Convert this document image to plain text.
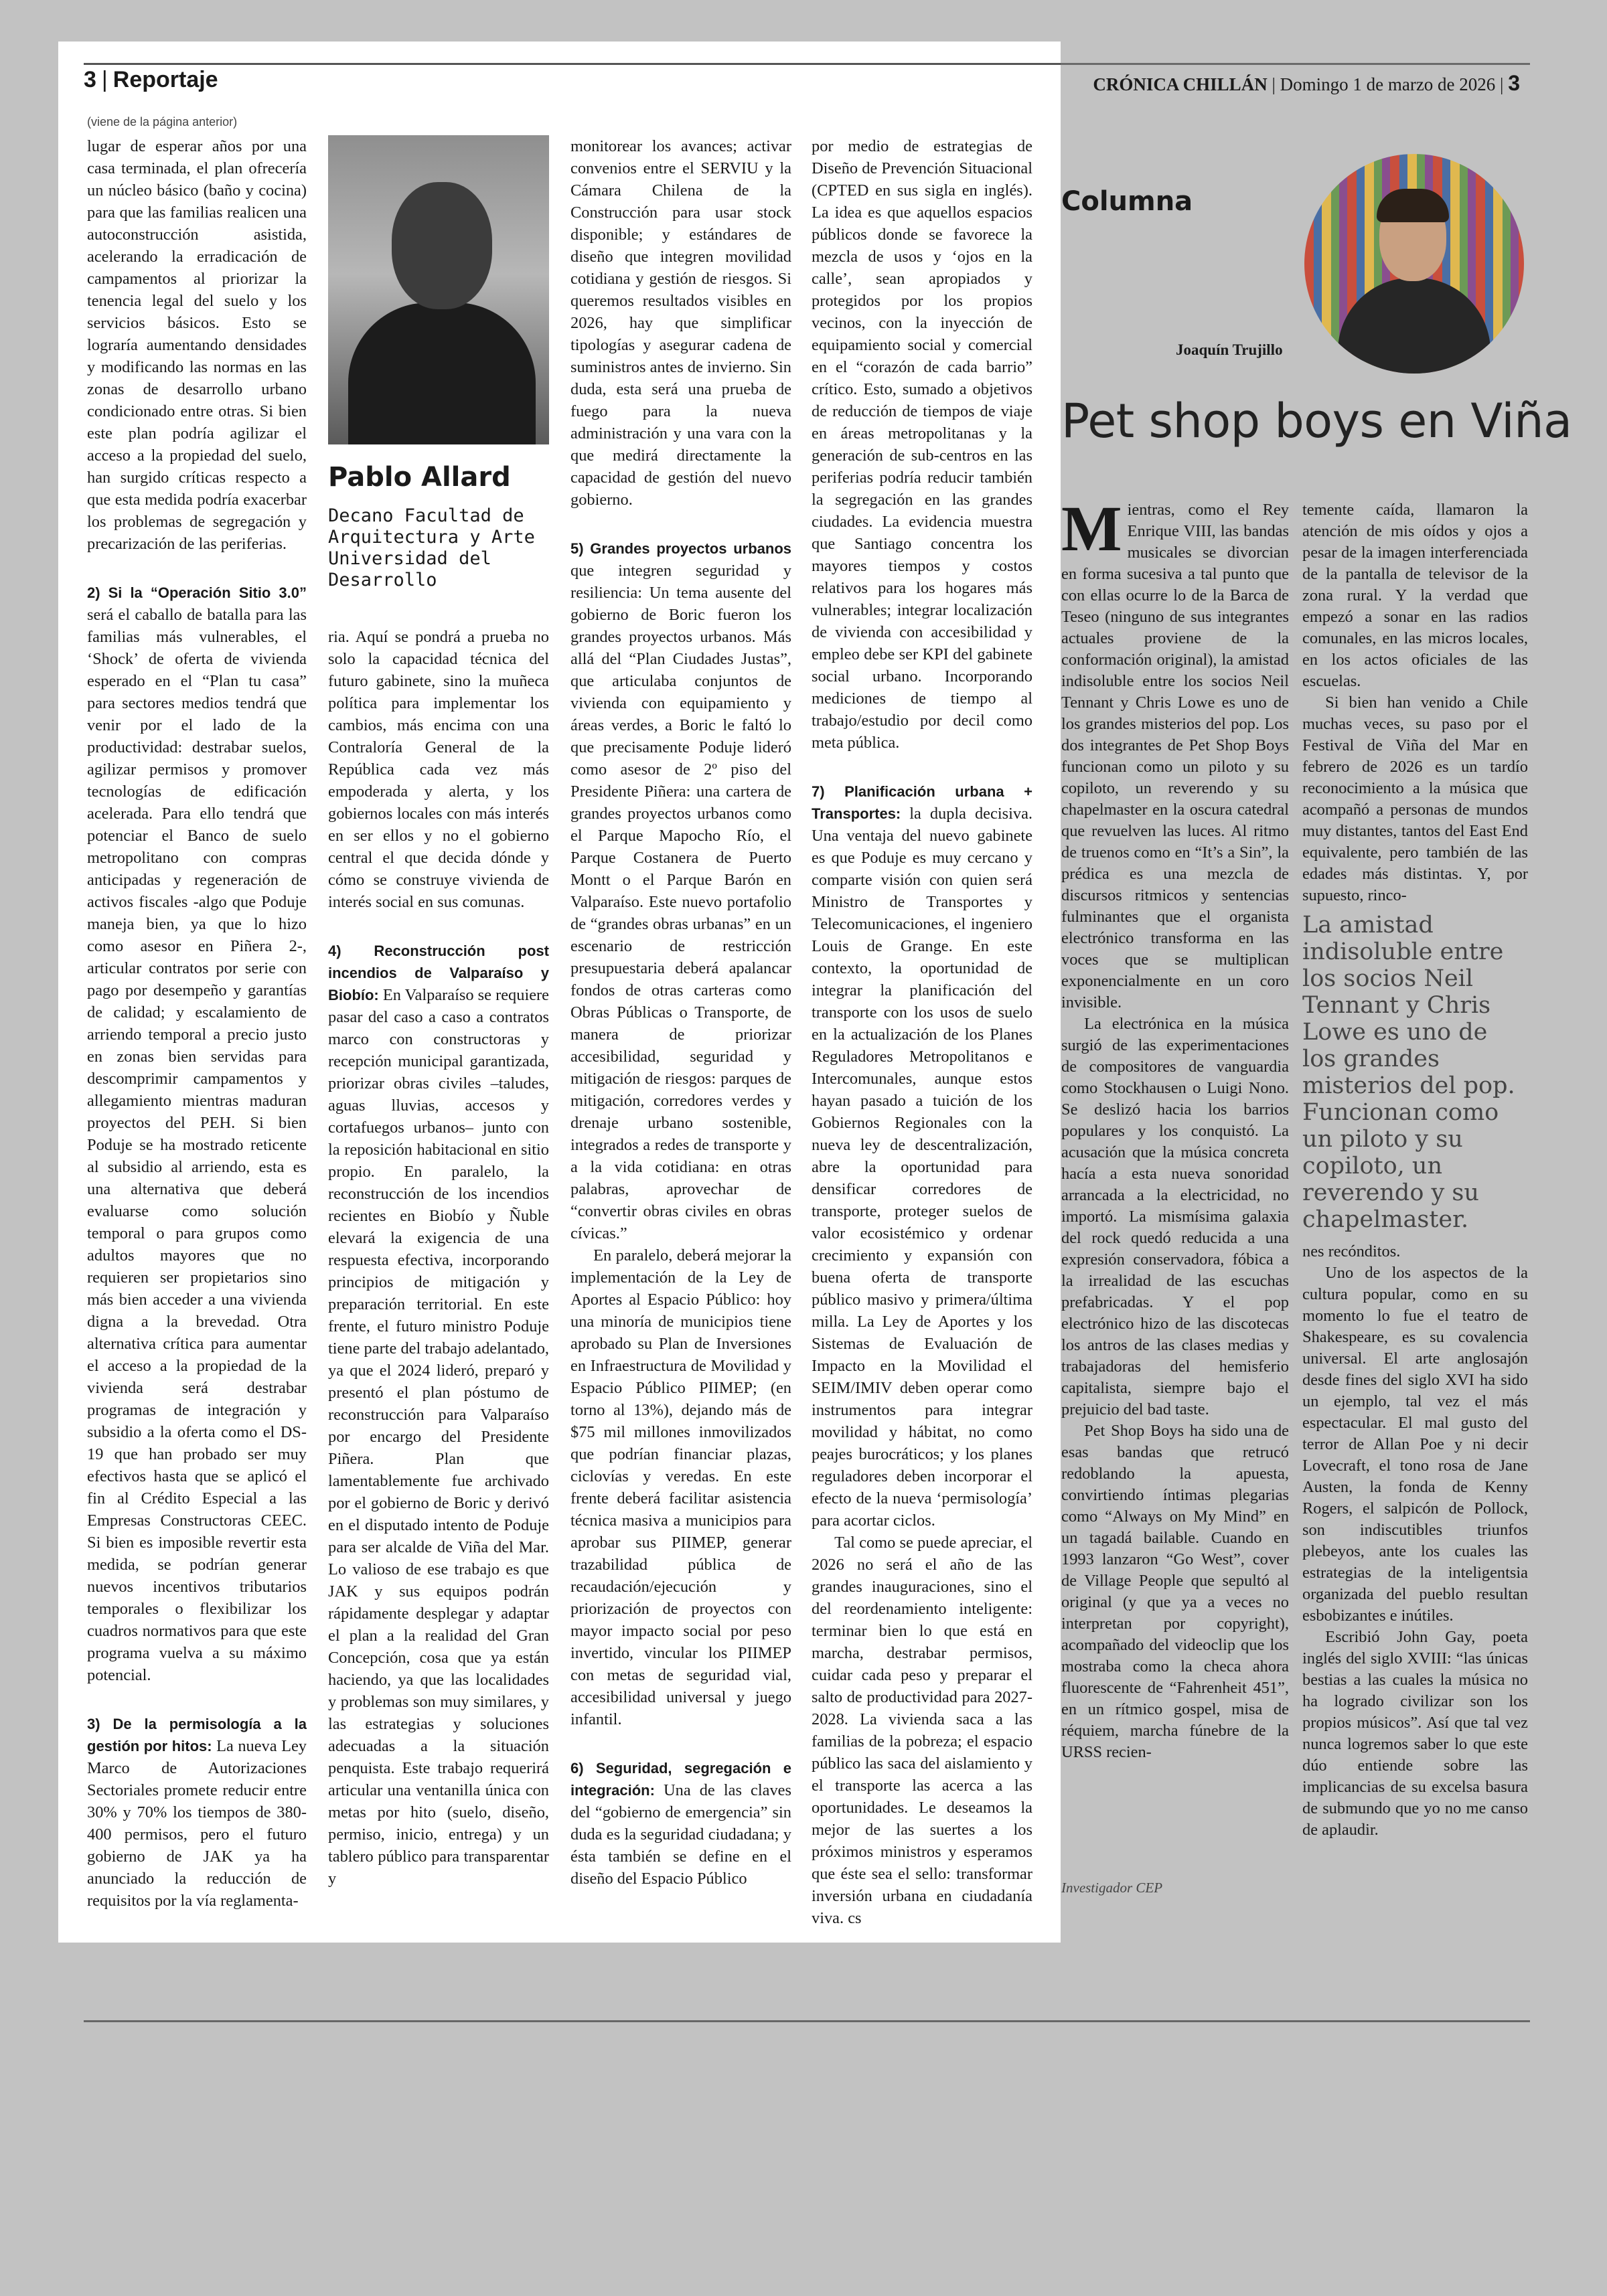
3 | Reportaje	CRÓNICA CHILLÁN | Domingo 1 de marzo de 2026 | 3
(viene de la página anterior)

lugar de esperar años por una casa terminada, el plan ofrecería un núcleo básico (baño y cocina) para que las familias realicen una autoconstrucción asistida, acelerando la erradicación de campamentos al priorizar la tenencia legal del suelo y los servicios básicos. Esto se lograría aumentando densidades y modificando las normas en las zonas de desarrollo urbano condicionado entre otras. Si bien este plan podría agilizar el acceso a la propiedad del suelo, han surgido críticas respecto a que esta medida podría exacerbar los problemas de segregación y precarización de las periferias.

2) Si la “Operación Sitio 3.0” será el caballo de batalla para las familias más vulnerables, el ‘Shock’ de oferta de vivienda esperado en el “Plan tu casa” para sectores medios tendrá que venir por el lado de la productividad: destrabar suelos, agilizar permisos y promover tecnologías de edificación acelerada. Para ello tendrá que potenciar el Banco de suelo metropolitano con compras anticipadas y regeneración de activos fiscales -algo que Poduje maneja bien, ya que lo hizo como asesor en Piñera 2-, articular contratos por serie con pago por desempeño y garantías de calidad; y escalamiento de arriendo temporal a precio justo en zonas bien servidas para descomprimir campamentos y allegamiento mientras maduran proyectos del PEH. Si bien Poduje se ha mostrado reticente al subsidio al arriendo, esta es una alternativa que deberá evaluarse como solución temporal o para grupos como adultos mayores que no requieren ser propietarios sino más bien acceder a una vivienda digna a la brevedad. Otra alternativa crítica para aumentar el acceso a la propiedad de la vivienda será destrabar programas de integración y subsidio a la oferta como el DS-19 que han probado ser muy efectivos hasta que se aplicó el fin al Crédito Especial a las Empresas Constructoras CEEC. Si bien es imposible revertir esta medida, se podrían generar nuevos incentivos tributarios temporales o flexibilizar los cuadros normativos para que este programa vuelva a su máximo potencial.

3) De la permisología a la gestión por hitos: La nueva Ley Marco de Autorizaciones Sectoriales promete reducir entre 30% y 70% los tiempos de 380-400 permisos, pero el futuro gobierno de JAK ya ha anunciado la reducción de requisitos por la vía reglamenta-

Pablo Allard
Decano Facultad de Arquitectura y Arte Universidad del Desarrollo

ria. Aquí se pondrá a prueba no solo la capacidad técnica del futuro gabinete, sino la muñeca política para implementar los cambios, más encima con una Contraloría General de la República cada vez más empoderada y alerta, y los gobiernos locales con más interés en ser ellos y no el gobierno central el que decida dónde y cómo se construye vivienda de interés social en sus comunas.

4) Reconstrucción post incendios de Valparaíso y Biobío: En Valparaíso se requiere pasar del caso a caso a contratos marco con constructoras y recepción municipal garantizada, priorizar obras civiles –taludes, aguas lluvias, accesos y cortafuegos urbanos– junto con la reposición habitacional en sitio propio. En paralelo, la reconstrucción de los incendios recientes en Biobío y Ñuble elevará la exigencia de una respuesta efectiva, incorporando principios de mitigación y preparación territorial. En este frente, el futuro ministro Poduje tiene parte del trabajo adelantado, ya que el 2024 lideró, preparó y presentó el plan póstumo de reconstrucción para Valparaíso por encargo del Presidente Piñera. Plan que lamentablemente fue archivado por el gobierno de Boric y derivó en el disputado intento de Poduje para ser alcalde de Viña del Mar. Lo valioso de ese trabajo es que JAK y sus equipos podrán rápidamente desplegar y adaptar el plan a la realidad del Gran Concepción, cosa que ya están haciendo, ya que las localidades y problemas son muy similares, y las estrategias y soluciones adecuadas a la situación penquista. Este trabajo requerirá articular una ventanilla única con metas por hito (suelo, diseño, permiso, inicio, entrega) y un tablero público para transparentar y

monitorear los avances; activar convenios entre el SERVIU y la Cámara Chilena de la Construcción para usar stock disponible; y estándares de diseño que integren movilidad cotidiana y gestión de riesgos. Si queremos resultados visibles en 2026, hay que simplificar tipologías y asegurar cadena de suministros antes de invierno. Sin duda, esta será una prueba de fuego para la nueva administración y una vara con la que medirá directamente la capacidad de gestión del nuevo gobierno.

5) Grandes proyectos urbanos que integren seguridad y resiliencia: Un tema ausente del gobierno de Boric fueron los grandes proyectos urbanos. Más allá del “Plan Ciudades Justas”, que articulaba conjuntos de vivienda con equipamiento y áreas verdes, a Boric le faltó lo que precisamente Poduje lideró como asesor de 2º piso del Presidente Piñera: una cartera de grandes proyectos urbanos como el Parque Mapocho Río, el Parque Costanera de Puerto Montt o el Parque Barón en Valparaíso. Este nuevo portafolio de “grandes obras urbanas” en un escenario de restricción presupuestaria deberá apalancar fondos de otras carteras como Obras Públicas o Transporte, de manera de priorizar accesibilidad, seguridad y mitigación de riesgos: parques de mitigación, corredores verdes y drenaje urbano sostenible, integrados a redes de transporte y a la vida cotidiana: en otras palabras, aprovechar de “convertir obras civiles en obras cívicas.”

En paralelo, deberá mejorar la implementación de la Ley de Aportes al Espacio Público: hoy una minoría de municipios tiene aprobado su Plan de Inversiones en Infraestructura de Movilidad y Espacio Público PIIMEP; (en torno al 13%), dejando más de $75 mil millones inmovilizados que podrían financiar plazas, ciclovías y veredas. En este frente deberá facilitar asistencia técnica masiva a municipios para aprobar sus PIIMEP, generar trazabilidad pública de recaudación/ejecución y priorización de proyectos con mayor impacto social por peso invertido, vincular los PIIMEP con metas de seguridad vial, accesibilidad universal y juego infantil.

6) Seguridad, segregación e integración: Una de las claves del “gobierno de emergencia” sin duda es la seguridad ciudadana; y ésta también se define en el diseño del Espacio Público

por medio de estrategias de Diseño de Prevención Situacional (CPTED en sus sigla en inglés). La idea es que aquellos espacios públicos donde se favorece la mezcla de usos y ‘ojos en la calle’, sean apropiados y protegidos por los propios vecinos, con la inyección de equipamiento social y comercial en el “corazón de cada barrio” crítico. Esto, sumado a objetivos de reducción de tiempos de viaje en áreas metropolitanas y la generación de sub-centros en las periferias podría reducir también la segregación en las grandes ciudades. La evidencia muestra que Santiago concentra los mayores tiempos y costos relativos para los hogares más vulnerables; integrar localización de vivienda con accesibilidad y empleo debe ser KPI del gabinete social urbano. Incorporando mediciones de tiempo al trabajo/estudio por decil como meta pública.

7) Planificación urbana + Transportes: la dupla decisiva. Una ventaja del nuevo gabinete es que Poduje es muy cercano y comparte visión con quien será Ministro de Transportes y Telecomunicaciones, el ingeniero Louis de Grange. En este contexto, la oportunidad de integrar la planificación del transporte con los usos de suelo en la actualización de los Planes Reguladores Metropolitanos e Intercomunales, aunque estos hayan pasado a tuición de los Gobiernos Regionales con la nueva ley de descentralización, abre la oportunidad para densificar corredores de transporte, proteger suelos de valor ecosistémico y ordenar crecimiento y expansión con buena oferta de transporte público masivo y primera/última milla. La Ley de Aportes y los Sistemas de Evaluación de Impacto en la Movilidad el SEIM/IMIV deben operar como instrumentos para integrar movilidad y hábitat, no como peajes burocráticos; y los planes reguladores deben incorporar el efecto de la nueva ‘permisología’ para acortar ciclos.

Tal como se puede apreciar, el 2026 no será el año de las grandes inauguraciones, sino el del reordenamiento inteligente: terminar bien lo que está en marcha, destrabar permisos, cuidar cada peso y preparar el salto de productividad para 2027-2028. La vivienda saca a las familias de la pobreza; el espacio público las saca del aislamiento y el transporte las acerca a las oportunidades. Le deseamos la mejor de las suertes a los próximos ministros y esperamos que éste sea el sello: transformar inversión urbana en ciudadanía viva. cs

Columna
Joaquín Trujillo
Pet shop boys en Viña

Mientras, como el Rey Enrique VIII, las bandas musicales se divorcian en forma sucesiva a tal punto que con ellas ocurre lo de la Barca de Teseo (ninguno de sus integrantes actuales proviene de la conformación original), la amistad indisoluble entre los socios Neil Tennant y Chris Lowe es uno de los grandes misterios del pop. Los dos integrantes de Pet Shop Boys funcionan como un piloto y su copiloto, un reverendo y su chapelmaster en la oscura catedral que revuelven las luces. Al ritmo de truenos como en “It’s a Sin”, la prédica es una mezcla de discursos ritmicos y sentencias fulminantes que el organista electrónico transforma en las voces que se multiplican exponencialmente en un coro invisible.

La electrónica en la música surgió de las experimentaciones de compositores de vanguardia como Stockhausen o Luigi Nono. Se deslizó hacia los barrios populares y los conquistó. La acusación que la música concreta hacía a esta nueva sonoridad arrancada a la electricidad, no importó. La mismísima galaxia del rock quedó reducida a una expresión conservadora, fóbica a la irrealidad de las escuchas prefabricadas. Y el pop electrónico hizo de las discotecas los antros de las clases medias y trabajadoras del hemisferio capitalista, siempre bajo el prejuicio del bad taste.

Pet Shop Boys ha sido una de esas bandas que retrucó redoblando la apuesta, convirtiendo íntimas plegarias como “Always on My Mind” en un tagadá bailable. Cuando en 1993 lanzaron “Go West”, cover de Village People que sepultó al original (y que ya a veces no interpretan por copyright), acompañado del videoclip que los mostraba como la checa ahora fluorescente de “Fahrenheit 451”, en un rítmico gospel, misa de réquiem, marcha fúnebre de la URSS recien-

temente caída, llamaron la atención de mis oídos y ojos a pesar de la imagen interferenciada de la pantalla de televisor de la zona rural. Y la verdad que empezó a sonar en las radios comunales, en las micros locales, en los actos oficiales de las escuelas.

Si bien han venido a Chile muchas veces, su paso por el Festival de Viña del Mar en febrero de 2026 es un tardío reconocimiento a la música que acompañó a personas de mundos muy distantes, tantos del East End equivalente, pero también de las edades más distintas. Y, por supuesto, rinco-

La amistad indisoluble entre los socios Neil Tennant y Chris Lowe es uno de los grandes misterios del pop. Funcionan como un piloto y su copiloto, un reverendo y su chapelmaster.

nes recónditos.

Uno de los aspectos de la cultura popular, como en su momento lo fue el teatro de Shakespeare, es su covalencia universal. El arte anglosajón desde fines del siglo XVI ha sido un ejemplo, tal vez el más espectacular. El mal gusto del terror de Allan Poe y ni decir Lovecraft, el tono rosa de Jane Austen, la fonda de Kenny Rogers, el salpicón de Pollock, son indiscutibles triunfos plebeyos, ante los cuales las estrategias de la inteligentsia organizada del pueblo resultan esbobizantes e inútiles.

Escribió John Gay, poeta inglés del siglo XVIII: “las únicas bestias a las cuales la música no ha logrado civilizar son los propios músicos”. Así que tal vez nunca logremos saber lo que este dúo entiende sobre las implicancias de su excelsa basura de submundo que yo no me canso de aplaudir.

Investigador CEP
